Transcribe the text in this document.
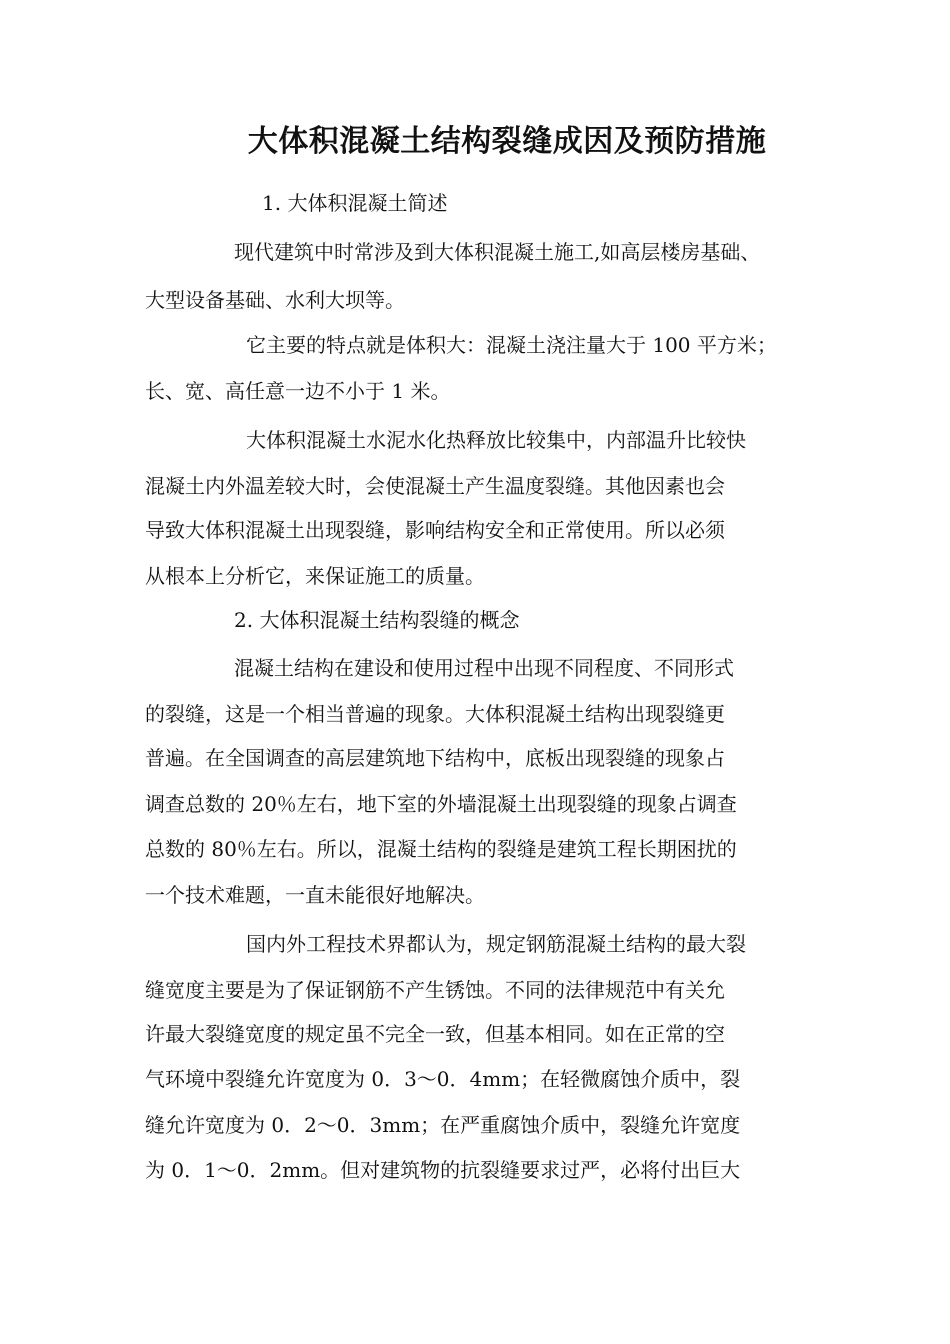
大体积混凝土结构裂缝成因及预防措施
1. 大体积混凝土简述
现代建筑中时常涉及到大体积混凝土施工,如高层楼房基础、
大型设备基础、水利大坝等。
它主要的特点就是体积大：混凝土浇注量大于 100 平方米；
长、宽、高任意一边不小于 1 米。
大体积混凝土水泥水化热释放比较集中，内部温升比较快
混凝土内外温差较大时，会使混凝土产生温度裂缝。其他因素也会
导致大体积混凝土出现裂缝，影响结构安全和正常使用。所以必须
从根本上分析它，来保证施工的质量。
2. 大体积混凝土结构裂缝的概念
混凝土结构在建设和使用过程中出现不同程度、不同形式
的裂缝，这是一个相当普遍的现象。大体积混凝土结构出现裂缝更
普遍。在全国调查的高层建筑地下结构中，底板出现裂缝的现象占
调查总数的 20％左右，地下室的外墙混凝土出现裂缝的现象占调查
总数的 80％左右。所以，混凝土结构的裂缝是建筑工程长期困扰的
一个技术难题，一直未能很好地解决。
国内外工程技术界都认为，规定钢筋混凝土结构的最大裂
缝宽度主要是为了保证钢筋不产生锈蚀。不同的法律规范中有关允
许最大裂缝宽度的规定虽不完全一致，但基本相同。如在正常的空
气环境中裂缝允许宽度为 0．3～0．4mm；在轻微腐蚀介质中，裂
缝允许宽度为 0．2～0．3mm；在严重腐蚀介质中，裂缝允许宽度
为 0．1～0．2mm。但对建筑物的抗裂缝要求过严，必将付出巨大
